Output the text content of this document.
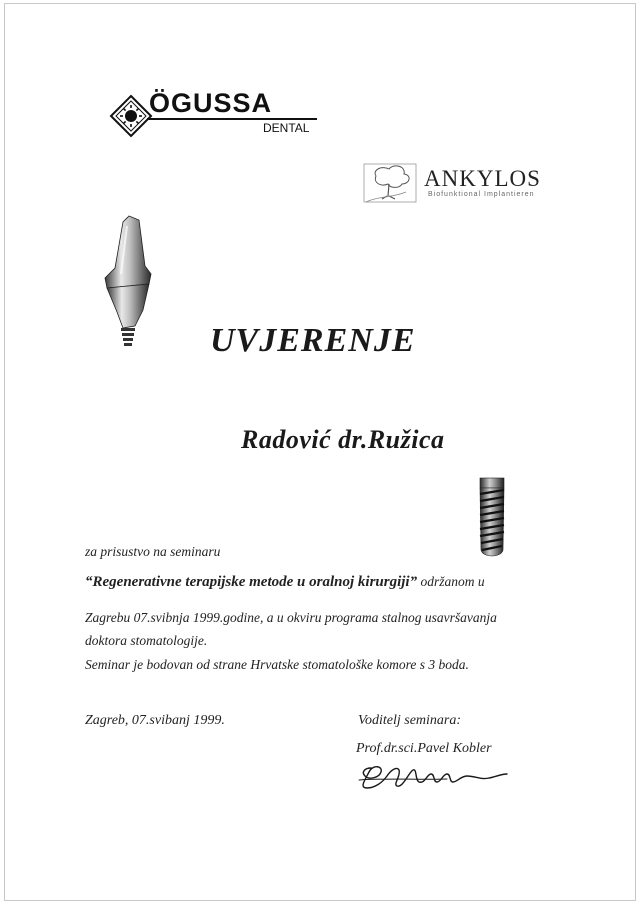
ÖGUSSA
DENTAL
ANKYLOS
Biofunktional Implantieren
UVJERENJE
Radović dr.Ružica
za prisustvo na seminaru
“Regenerativne terapijske metode u oralnoj kirurgiji” održanom u
Zagrebu 07.svibnja 1999.godine, a u okviru programa stalnog usavršavanja
doktora stomatologije.
Seminar je bodovan od strane Hrvatske stomatološke komore s 3 boda.
Zagreb, 07.svibanj 1999.	Voditelj seminara:
Prof.dr.sci.Pavel Kobler
